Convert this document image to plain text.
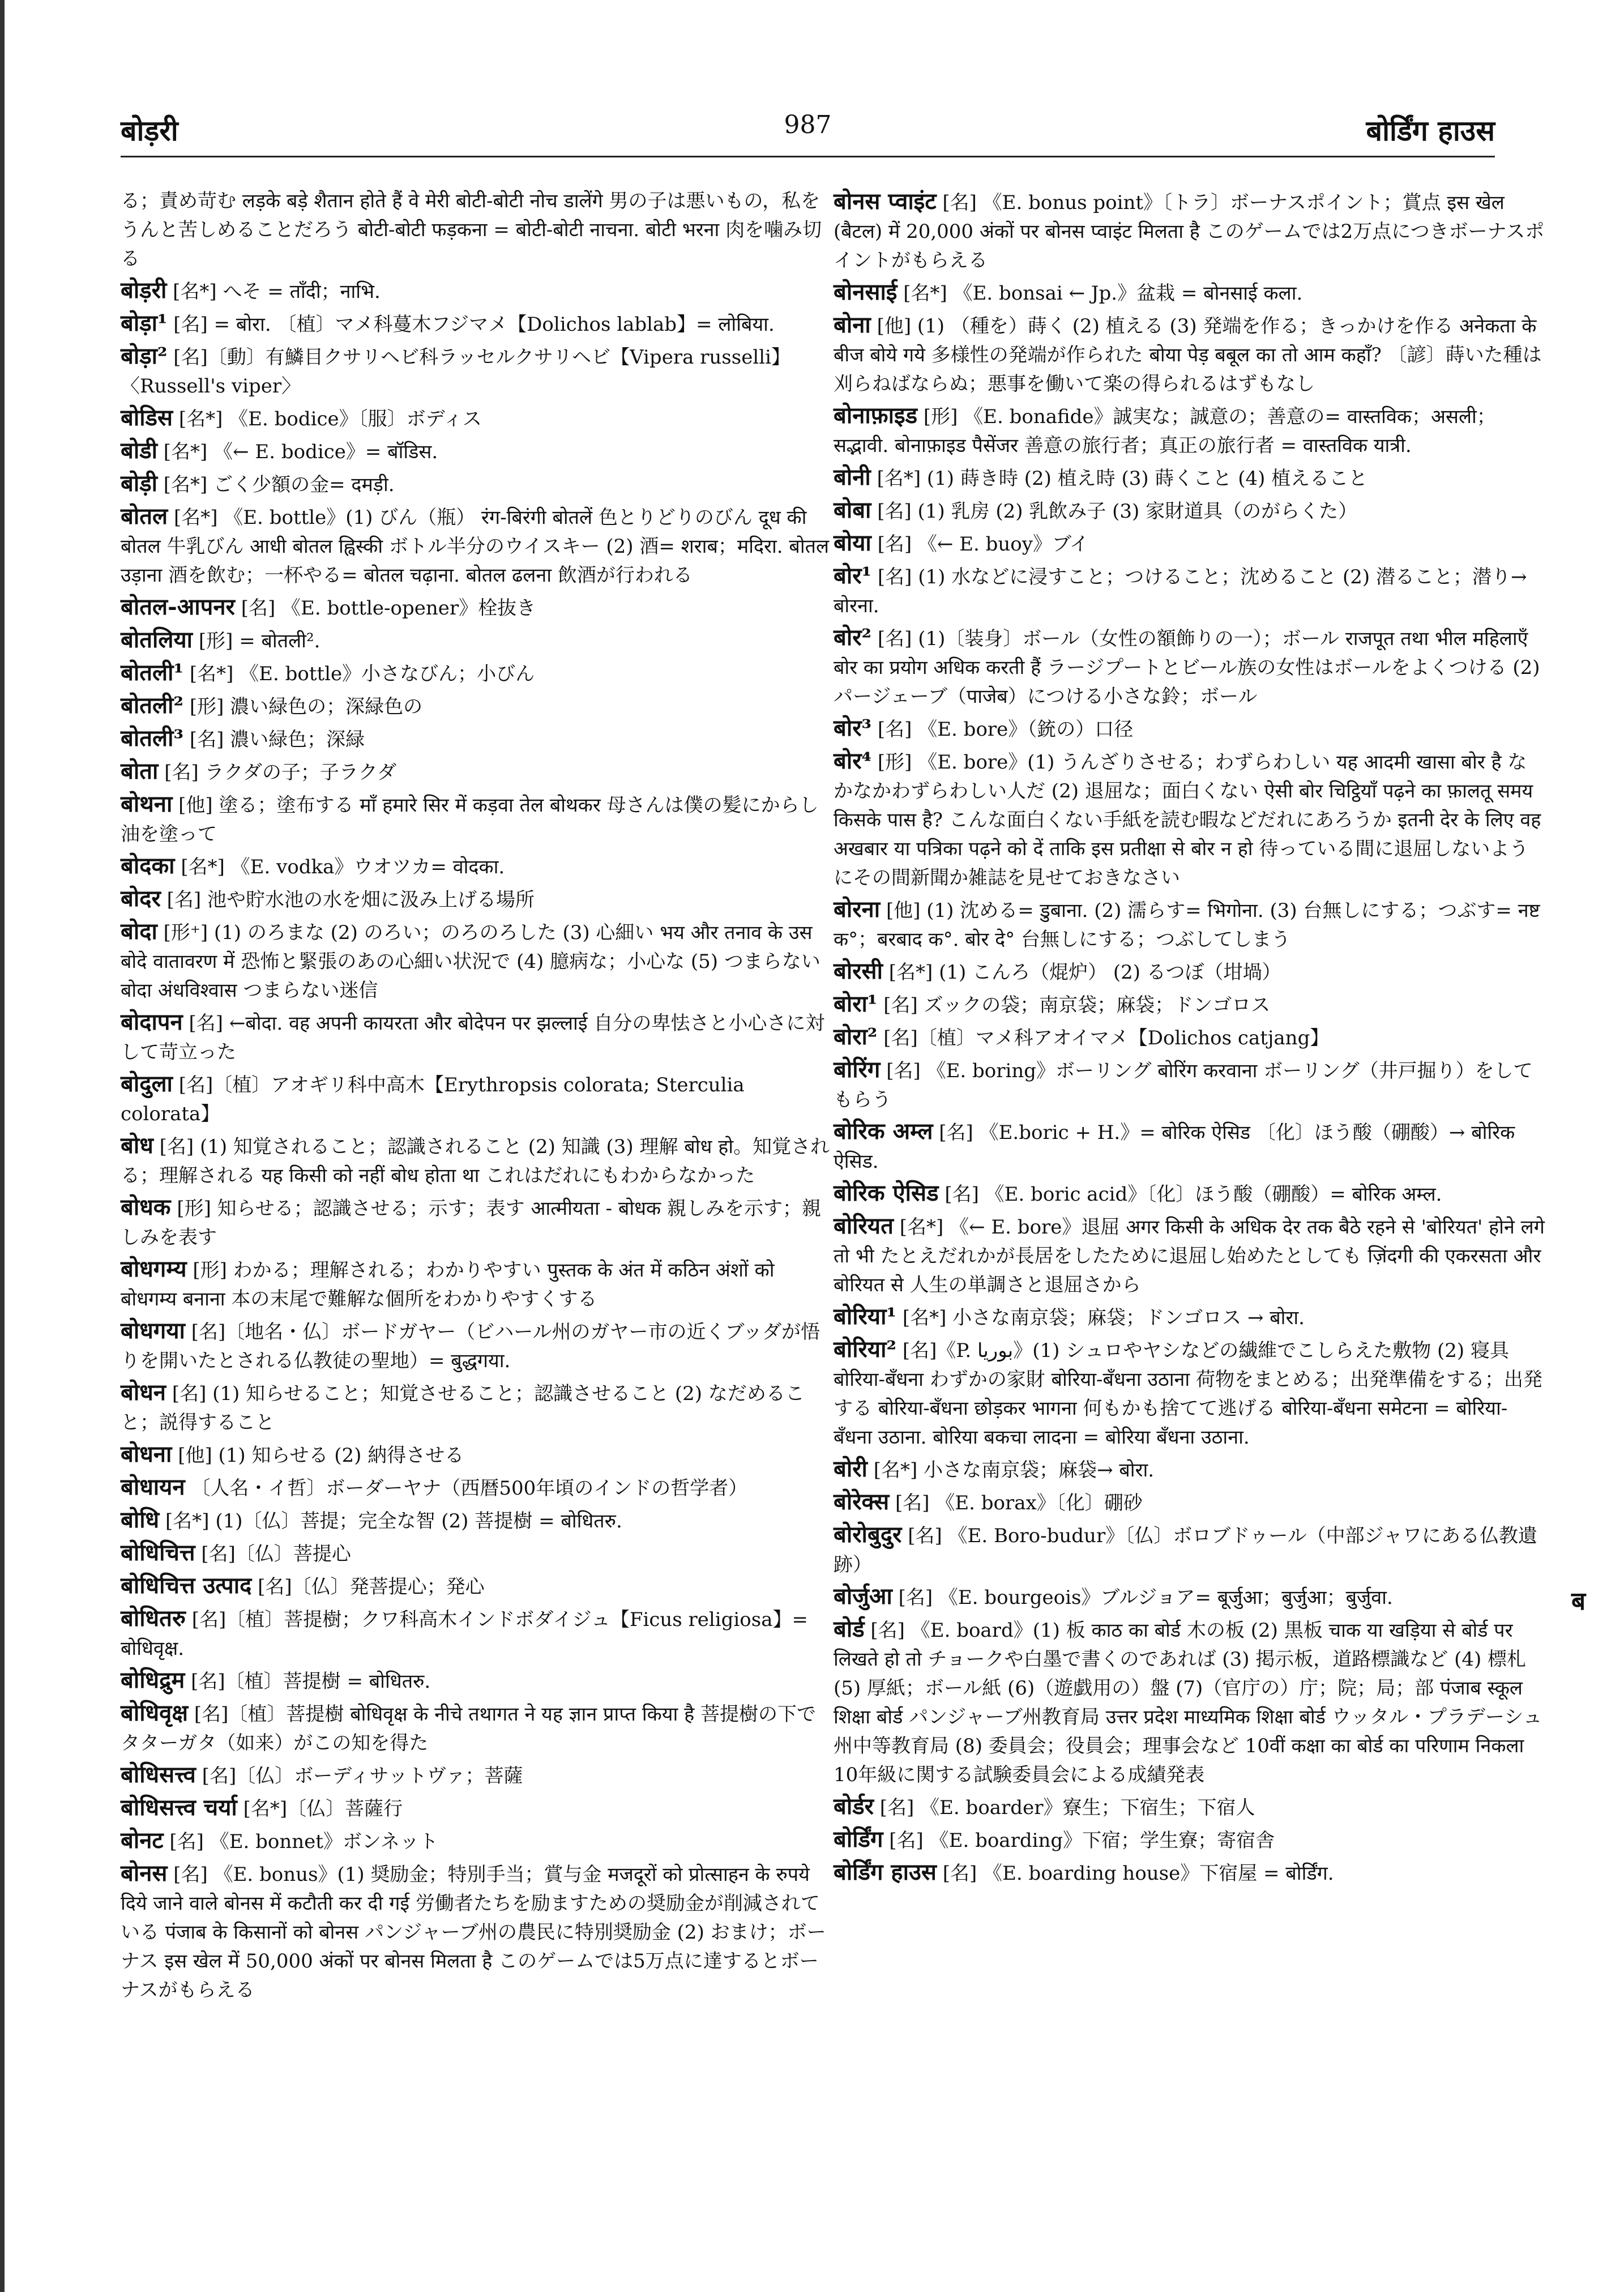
बोड़री	987	बोर्डिंग हाउस
る；責め苛む लड़के बड़े शैतान होते हैं वे मेरी बोटी-बोटी नोच डालेंगे 男の子は悪いもの，私をうんと苦しめることだろう बोटी-बोटी फड़कना = बोटी-बोटी नाचना. बोटी भरना 肉を噛み切る
बोड़री [名*] へそ = ताँदी；नाभि.
बोड़ा¹ [名] = बोरा. 〔植〕マメ科蔓木フジマメ【Dolichos lablab】= लोबिया.
बोड़ा² [名]〔動〕有鱗目クサリヘビ科ラッセルクサリヘビ【Vipera russelli】〈Russell's viper〉
बोडिस [名*] 《E. bodice》〔服〕ボディス
बोडी [名*] 《← E. bodice》= बॉडिस.
बोड़ी [名*] ごく少額の金= दमड़ी.
बोतल [名*] 《E. bottle》(1) びん（瓶） रंग-बिरंगी बोतलें 色とりどりのびん दूध की बोतल 牛乳びん आधी बोतल ह्विस्की ボトル半分のウイスキー (2) 酒= शराब；मदिरा. बोतल उड़ाना 酒を飲む；一杯やる= बोतल चढ़ाना. बोतल ढलना 飲酒が行われる
बोतल-आपनर [名] 《E. bottle-opener》栓抜き
बोतलिया [形] = बोतली².
बोतली¹ [名*] 《E. bottle》小さなびん；小びん
बोतली² [形] 濃い緑色の；深緑色の
बोतली³ [名] 濃い緑色；深緑
बोता [名] ラクダの子；子ラクダ
बोथना [他] 塗る；塗布する माँ हमारे सिर में कड़वा तेल बोथकर 母さんは僕の髪にからし油を塗って
बोदका [名*] 《E. vodka》ウオツカ= वोदका.
बोदर [名] 池や貯水池の水を畑に汲み上げる場所
बोदा [形⁺] (1) のろまな (2) のろい；のろのろした (3) 心細い भय और तनाव के उस बोदे वातावरण में 恐怖と緊張のあの心細い状況で (4) 臆病な；小心な (5) つまらない बोदा अंधविश्वास つまらない迷信
बोदापन [名] ←बोदा. वह अपनी कायरता और बोदेपन पर झल्लाई 自分の卑怯さと小心さに対して苛立った
बोदुला [名]〔植〕アオギリ科中高木【Erythropsis colorata; Sterculia colorata】
बोध [名] (1) 知覚されること；認識されること (2) 知識 (3) 理解 बोध हो。知覚される；理解される यह किसी को नहीं बोध होता था これはだれにもわからなかった
बोधक [形] 知らせる；認識させる；示す；表す आत्मीयता - बोधक 親しみを示す；親しみを表す
बोधगम्य [形] わかる；理解される；わかりやすい पुस्तक के अंत में कठिन अंशों को बोधगम्य बनाना 本の末尾で難解な個所をわかりやすくする
बोधगया [名]〔地名・仏〕ボードガヤー（ビハール州のガヤー市の近くブッダが悟りを開いたとされる仏教徒の聖地）= बुद्धगया.
बोधन [名] (1) 知らせること；知覚させること；認識させること (2) なだめること；説得すること
बोधना [他] (1) 知らせる (2) 納得させる
बोधायन 〔人名・イ哲〕ボーダーヤナ（西暦500年頃のインドの哲学者）
बोधि [名*] (1)〔仏〕菩提；完全な智 (2) 菩提樹 = बोधितरु.
बोधिचित्त [名]〔仏〕菩提心
बोधिचित्त उत्पाद [名]〔仏〕発菩提心；発心
बोधितरु [名]〔植〕菩提樹；クワ科高木インドボダイジュ【Ficus religiosa】= बोधिवृक्ष.
बोधिद्रुम [名]〔植〕菩提樹 = बोधितरु.
बोधिवृक्ष [名]〔植〕菩提樹 बोधिवृक्ष के नीचे तथागत ने यह ज्ञान प्राप्त किया है 菩提樹の下でタターガタ（如来）がこの知を得た
बोधिसत्त्व [名]〔仏〕ボーディサットヴァ；菩薩
बोधिसत्त्व चर्या [名*]〔仏〕菩薩行
बोनट [名] 《E. bonnet》ボンネット
बोनस [名] 《E. bonus》(1) 奨励金；特別手当；賞与金 मजदूरों को प्रोत्साहन के रुपये दिये जाने वाले बोनस में कटौती कर दी गई 労働者たちを励ますための奨励金が削減されている पंजाब के किसानों को बोनस パンジャーブ州の農民に特別奨励金 (2) おまけ；ボーナス इस खेल में 50,000 अंकों पर बोनस मिलता है このゲームでは5万点に達するとボーナスがもらえる
बोनस प्वाइंट [名] 《E. bonus point》〔トラ〕ボーナスポイント；賞点 इस खेल (बैटल) में 20,000 अंकों पर बोनस प्वाइंट मिलता है このゲームでは2万点につきボーナスポイントがもらえる
बोनसाई [名*] 《E. bonsai ← Jp.》盆栽 = बोनसाई कला.
बोना [他] (1) （種を）蒔く (2) 植える (3) 発端を作る；きっかけを作る अनेकता के बीज बोये गये 多様性の発端が作られた बोया पेड़ बबूल का तो आम कहाँ? 〔諺〕蒔いた種は刈らねばならぬ；悪事を働いて楽の得られるはずもなし
बोनाफ़ाइड [形] 《E. bonafide》誠実な；誠意の；善意の= वास्तविक；असली；सद्भावी. बोनाफ़ाइड पैसेंजर 善意の旅行者；真正の旅行者 = वास्तविक यात्री.
बोनी [名*] (1) 蒔き時 (2) 植え時 (3) 蒔くこと (4) 植えること
बोबा [名] (1) 乳房 (2) 乳飲み子 (3) 家財道具（のがらくた）
बोया [名] 《← E. buoy》ブイ
बोर¹ [名] (1) 水などに浸すこと；つけること；沈めること (2) 潜ること；潜り→ बोरना.
बोर² [名] (1)〔装身〕ボール（女性の額飾りの一）；ボール राजपूत तथा भील महिलाएँ बोर का प्रयोग अधिक करती हैं ラージプートとビール族の女性はボールをよくつける (2) パージェーブ（पाजेब）につける小さな鈴；ボール
बोर³ [名] 《E. bore》（銃の）口径
बोर⁴ [形] 《E. bore》(1) うんざりさせる；わずらわしい यह आदमी खासा बोर है なかなかわずらわしい人だ (2) 退屈な；面白くない ऐसी बोर चिट्ठियाँ पढ़ने का फ़ालतू समय किसके पास है? こんな面白くない手紙を読む暇などだれにあろうか इतनी देर के लिए वह अखबार या पत्रिका पढ़ने को दें ताकि इस प्रतीक्षा से बोर न हो 待っている間に退屈しないようにその間新聞か雑誌を見せておきなさい
बोरना [他] (1) 沈める= डुबाना. (2) 濡らす= भिगोना. (3) 台無しにする；つぶす= नष्ट क°；बरबाद क°. बोर दे° 台無しにする；つぶしてしまう
बोरसी [名*] (1) こんろ（焜炉） (2) るつぼ（坩堝）
बोरा¹ [名] ズックの袋；南京袋；麻袋；ドンゴロス
बोरा² [名]〔植〕マメ科アオイマメ【Dolichos catjang】
बोरिंग [名] 《E. boring》ボーリング बोरिंग करवाना ボーリング（井戸掘り）をしてもらう
बोरिक अम्ल [名] 《E.boric + H.》= बोरिक ऐसिड 〔化〕ほう酸（硼酸）→ बोरिक ऐसिड.
बोरिक ऐसिड [名] 《E. boric acid》〔化〕ほう酸（硼酸）= बोरिक अम्ल.
बोरियत [名*] 《← E. bore》退屈 अगर किसी के अधिक देर तक बैठे रहने से 'बोरियत' होने लगे तो भी たとえだれかが長居をしたために退屈し始めたとしても ज़िंदगी की एकरसता और बोरियत से 人生の単調さと退屈さから
बोरिया¹ [名*] 小さな南京袋；麻袋；ドンゴロス → बोरा.
बोरिया² [名]《P. بوریا》(1) シュロやヤシなどの繊維でこしらえた敷物 (2) 寝具 बोरिया-बँधना わずかの家財 बोरिया-बँधना उठाना 荷物をまとめる；出発準備をする；出発する बोरिया-बँधना छोड़कर भागना 何もかも捨てて逃げる बोरिया-बँधना समेटना = बोरिया-बँधना उठाना. बोरिया बकचा लादना = बोरिया बँधना उठाना.
बोरी [名*] 小さな南京袋；麻袋→ बोरा.
बोरेक्स [名] 《E. borax》〔化〕硼砂
बोरोबुदुर [名] 《E. Boro-budur》〔仏〕ボロブドゥール（中部ジャワにある仏教遺跡）
बोर्जुआ [名] 《E. bourgeois》ブルジョア= बूर्जुआ；बुर्जुआ；बुर्जुवा.
बोर्ड [名] 《E. board》(1) 板 काठ का बोर्ड 木の板 (2) 黒板 चाक या खड़िया से बोर्ड पर लिखते हो तो チョークや白墨で書くのであれば (3) 掲示板，道路標識など (4) 標札 (5) 厚紙；ボール紙 (6)（遊戯用の）盤 (7)（官庁の）庁；院；局；部 पंजाब स्कूल शिक्षा बोर्ड パンジャーブ州教育局 उत्तर प्रदेश माध्यमिक शिक्षा बोर्ड ウッタル・プラデーシュ州中等教育局 (8) 委員会；役員会；理事会など 10वीं कक्षा का बोर्ड का परिणाम निकला 10年級に関する試験委員会による成績発表
बोर्डर [名] 《E. boarder》寮生；下宿生；下宿人
बोर्डिंग [名] 《E. boarding》下宿；学生寮；寄宿舎
बोर्डिंग हाउस [名] 《E. boarding house》下宿屋 = बोर्डिंग.
ब
